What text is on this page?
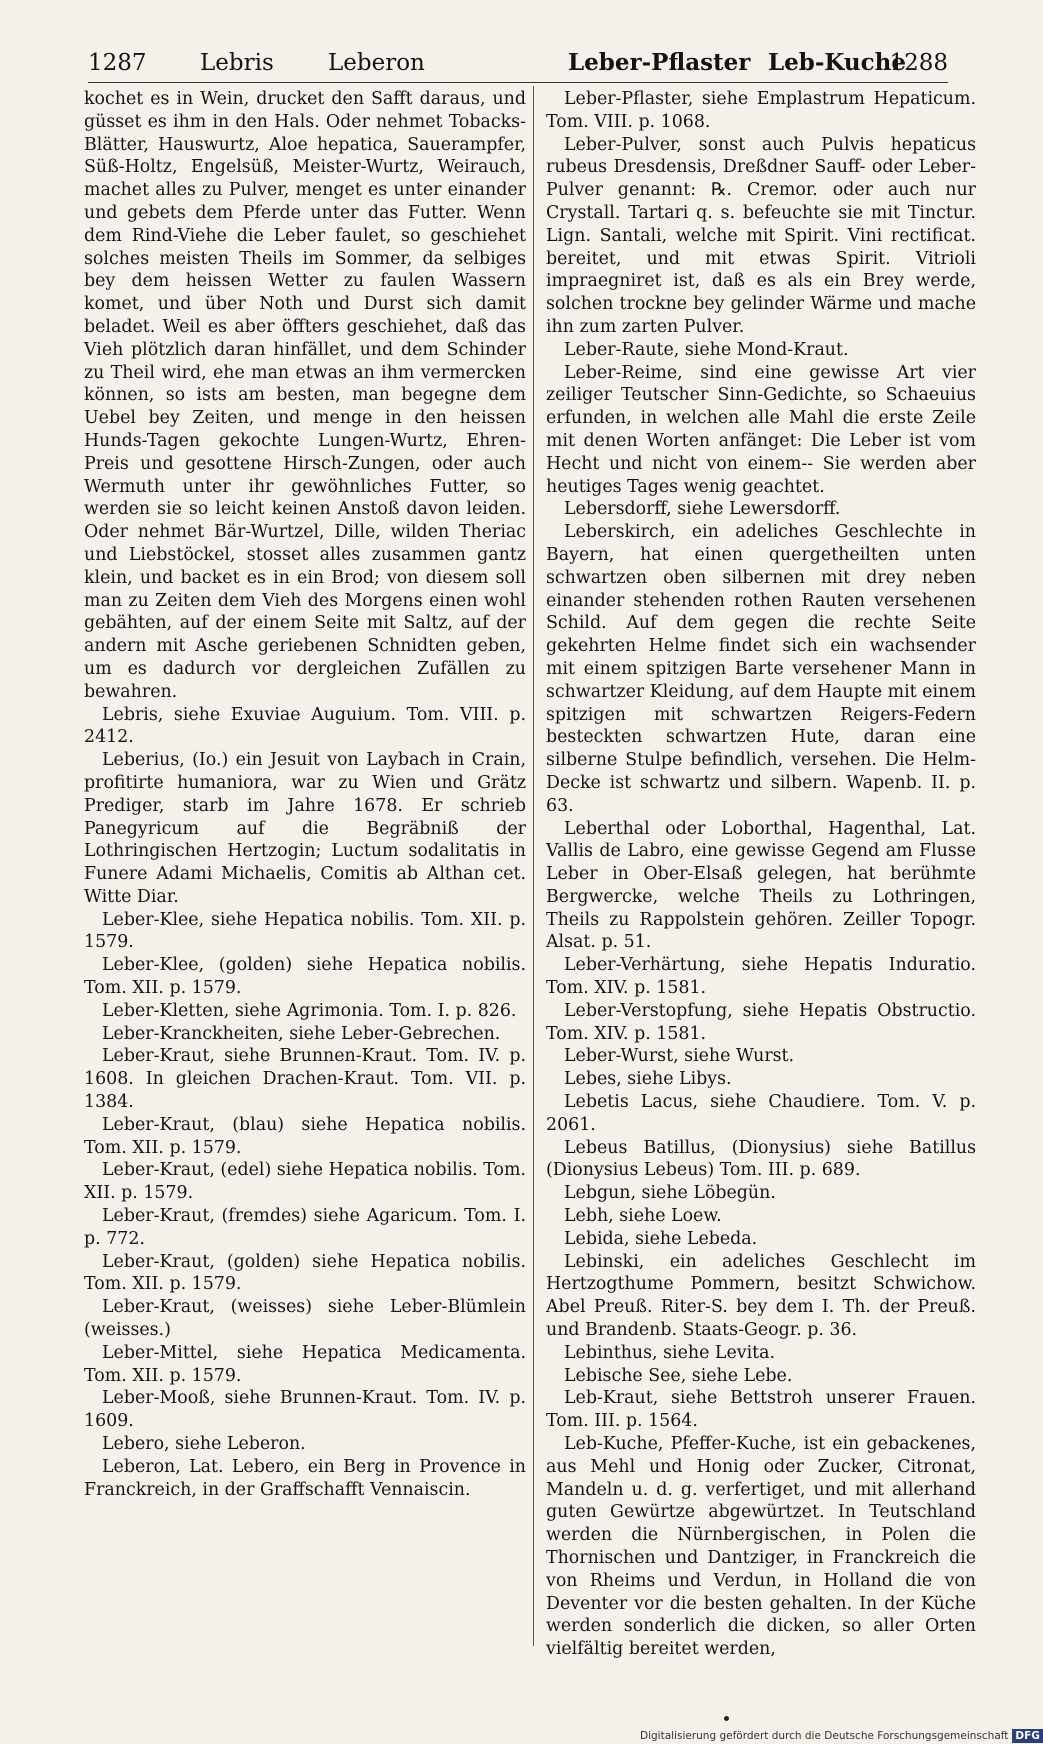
1287 Lebris Leberon	Leber-Pflaster Leb-Kuche
1288

kochet es in Wein, drucket den Safft daraus, und güsset es ihm in den Hals. Oder nehmet Tobacks-Blätter, Hauswurtz, Aloe hepatica, Sauerampfer, Süß-Holtz, Engelsüß, Meister-Wurtz, Weirauch, machet alles zu Pulver, menget es unter einander und gebets dem Pferde unter das Futter. Wenn dem Rind-Viehe die Leber faulet, so geschiehet solches meisten Theils im Sommer, da selbiges bey dem heissen Wetter zu faulen Wassern komet, und über Noth und Durst sich damit beladet. Weil es aber öffters geschiehet, daß das Vieh plötzlich daran hinfället, und dem Schinder zu Theil wird, ehe man etwas an ihm vermercken können, so ists am besten, man begegne dem Uebel bey Zeiten, und menge in den heissen Hunds-Tagen gekochte Lungen-Wurtz, Ehren-Preis und gesottene Hirsch-Zungen, oder auch Wermuth unter ihr gewöhnliches Futter, so werden sie so leicht keinen Anstoß davon leiden. Oder nehmet Bär-Wurtzel, Dille, wilden Theriac und Liebstöckel, stosset alles zusammen gantz klein, und backet es in ein Brod; von diesem soll man zu Zeiten dem Vieh des Morgens einen wohl gebähten, auf der einem Seite mit Saltz, auf der andern mit Asche geriebenen Schnidten geben, um es dadurch vor dergleichen Zufällen zu bewahren.

Lebris, siehe Exuviae Auguium. Tom. VIII. p. 2412.

Leberius, (Io.) ein Jesuit von Laybach in Crain, profitirte humaniora, war zu Wien und Grätz Prediger, starb im Jahre 1678. Er schrieb Panegyricum auf die Begräbniß der Lothringischen Hertzogin; Luctum sodalitatis in Funere Adami Michaelis, Comitis ab Althan cet. Witte Diar.

Leber-Klee, siehe Hepatica nobilis. Tom. XII. p. 1579.

Leber-Klee, (golden) siehe Hepatica nobilis. Tom. XII. p. 1579.

Leber-Kletten, siehe Agrimonia. Tom. I. p. 826.

Leber-Kranckheiten, siehe Leber-Gebrechen.

Leber-Kraut, siehe Brunnen-Kraut. Tom. IV. p. 1608. In gleichen Drachen-Kraut. Tom. VII. p. 1384.

Leber-Kraut, (blau) siehe Hepatica nobilis. Tom. XII. p. 1579.

Leber-Kraut, (edel) siehe Hepatica nobilis. Tom. XII. p. 1579.

Leber-Kraut, (fremdes) siehe Agaricum. Tom. I. p. 772.

Leber-Kraut, (golden) siehe Hepatica nobilis. Tom. XII. p. 1579.

Leber-Kraut, (weisses) siehe Leber-Blümlein (weisses.)

Leber-Mittel, siehe Hepatica Medicamenta. Tom. XII. p. 1579.

Leber-Mooß, siehe Brunnen-Kraut. Tom. IV. p. 1609.

Lebero, siehe Leberon.

Leberon, Lat. Lebero, ein Berg in Provence in Franckreich, in der Graffschafft Vennaiscin.

Leber-Pflaster, siehe Emplastrum Hepaticum. Tom. VIII. p. 1068.

Leber-Pulver, sonst auch Pulvis hepaticus rubeus Dresdensis, Dreßdner Sauff- oder Leber-Pulver genannt: ℞. Cremor. oder auch nur Crystall. Tartari q. s. befeuchte sie mit Tinctur. Lign. Santali, welche mit Spirit. Vini rectificat. bereitet, und mit etwas Spirit. Vitrioli impraegniret ist, daß es als ein Brey werde, solchen trockne bey gelinder Wärme und mache ihn zum zarten Pulver.

Leber-Raute, siehe Mond-Kraut.

Leber-Reime, sind eine gewisse Art vier zeiliger Teutscher Sinn-Gedichte, so Schaeuius erfunden, in welchen alle Mahl die erste Zeile mit denen Worten anfänget: Die Leber ist vom Hecht und nicht von einem-- Sie werden aber heutiges Tages wenig geachtet.

Lebersdorff, siehe Lewersdorff.

Leberskirch, ein adeliches Geschlechte in Bayern, hat einen quergetheilten unten schwartzen oben silbernen mit drey neben einander stehenden rothen Rauten versehenen Schild. Auf dem gegen die rechte Seite gekehrten Helme findet sich ein wachsender mit einem spitzigen Barte versehener Mann in schwartzer Kleidung, auf dem Haupte mit einem spitzigen mit schwartzen Reigers-Federn besteckten schwartzen Hute, daran eine silberne Stulpe befindlich, versehen. Die Helm-Decke ist schwartz und silbern. Wapenb. II. p. 63.

Leberthal oder Loborthal, Hagenthal, Lat. Vallis de Labro, eine gewisse Gegend am Flusse Leber in Ober-Elsaß gelegen, hat berühmte Bergwercke, welche Theils zu Lothringen, Theils zu Rappolstein gehören. Zeiller Topogr. Alsat. p. 51.

Leber-Verhärtung, siehe Hepatis Induratio. Tom. XIV. p. 1581.

Leber-Verstopfung, siehe Hepatis Obstructio. Tom. XIV. p. 1581.

Leber-Wurst, siehe Wurst.

Lebes, siehe Libys.

Lebetis Lacus, siehe Chaudiere. Tom. V. p. 2061.

Lebeus Batillus, (Dionysius) siehe Batillus (Dionysius Lebeus) Tom. III. p. 689.

Lebgun, siehe Löbegün.

Lebh, siehe Loew.

Lebida, siehe Lebeda.

Lebinski, ein adeliches Geschlecht im Hertzogthume Pommern, besitzt Schwichow. Abel Preuß. Riter-S. bey dem I. Th. der Preuß. und Brandenb. Staats-Geogr. p. 36.

Lebinthus, siehe Levita.

Lebische See, siehe Lebe.

Leb-Kraut, siehe Bettstroh unserer Frauen. Tom. III. p. 1564.

Leb-Kuche, Pfeffer-Kuche, ist ein gebackenes, aus Mehl und Honig oder Zucker, Citronat, Mandeln u. d. g. verfertiget, und mit allerhand guten Gewürtze abgewürtzet. In Teutschland werden die Nürnbergischen, in Polen die Thornischen und Dantziger, in Franckreich die von Rheims und Verdun, in Holland die von Deventer vor die besten gehalten. In der Küche werden sonderlich die dicken, so aller Orten vielfältig bereitet werden,

Digitalisierung gefördert durch die Deutsche Forschungsgemeinschaft DFG
